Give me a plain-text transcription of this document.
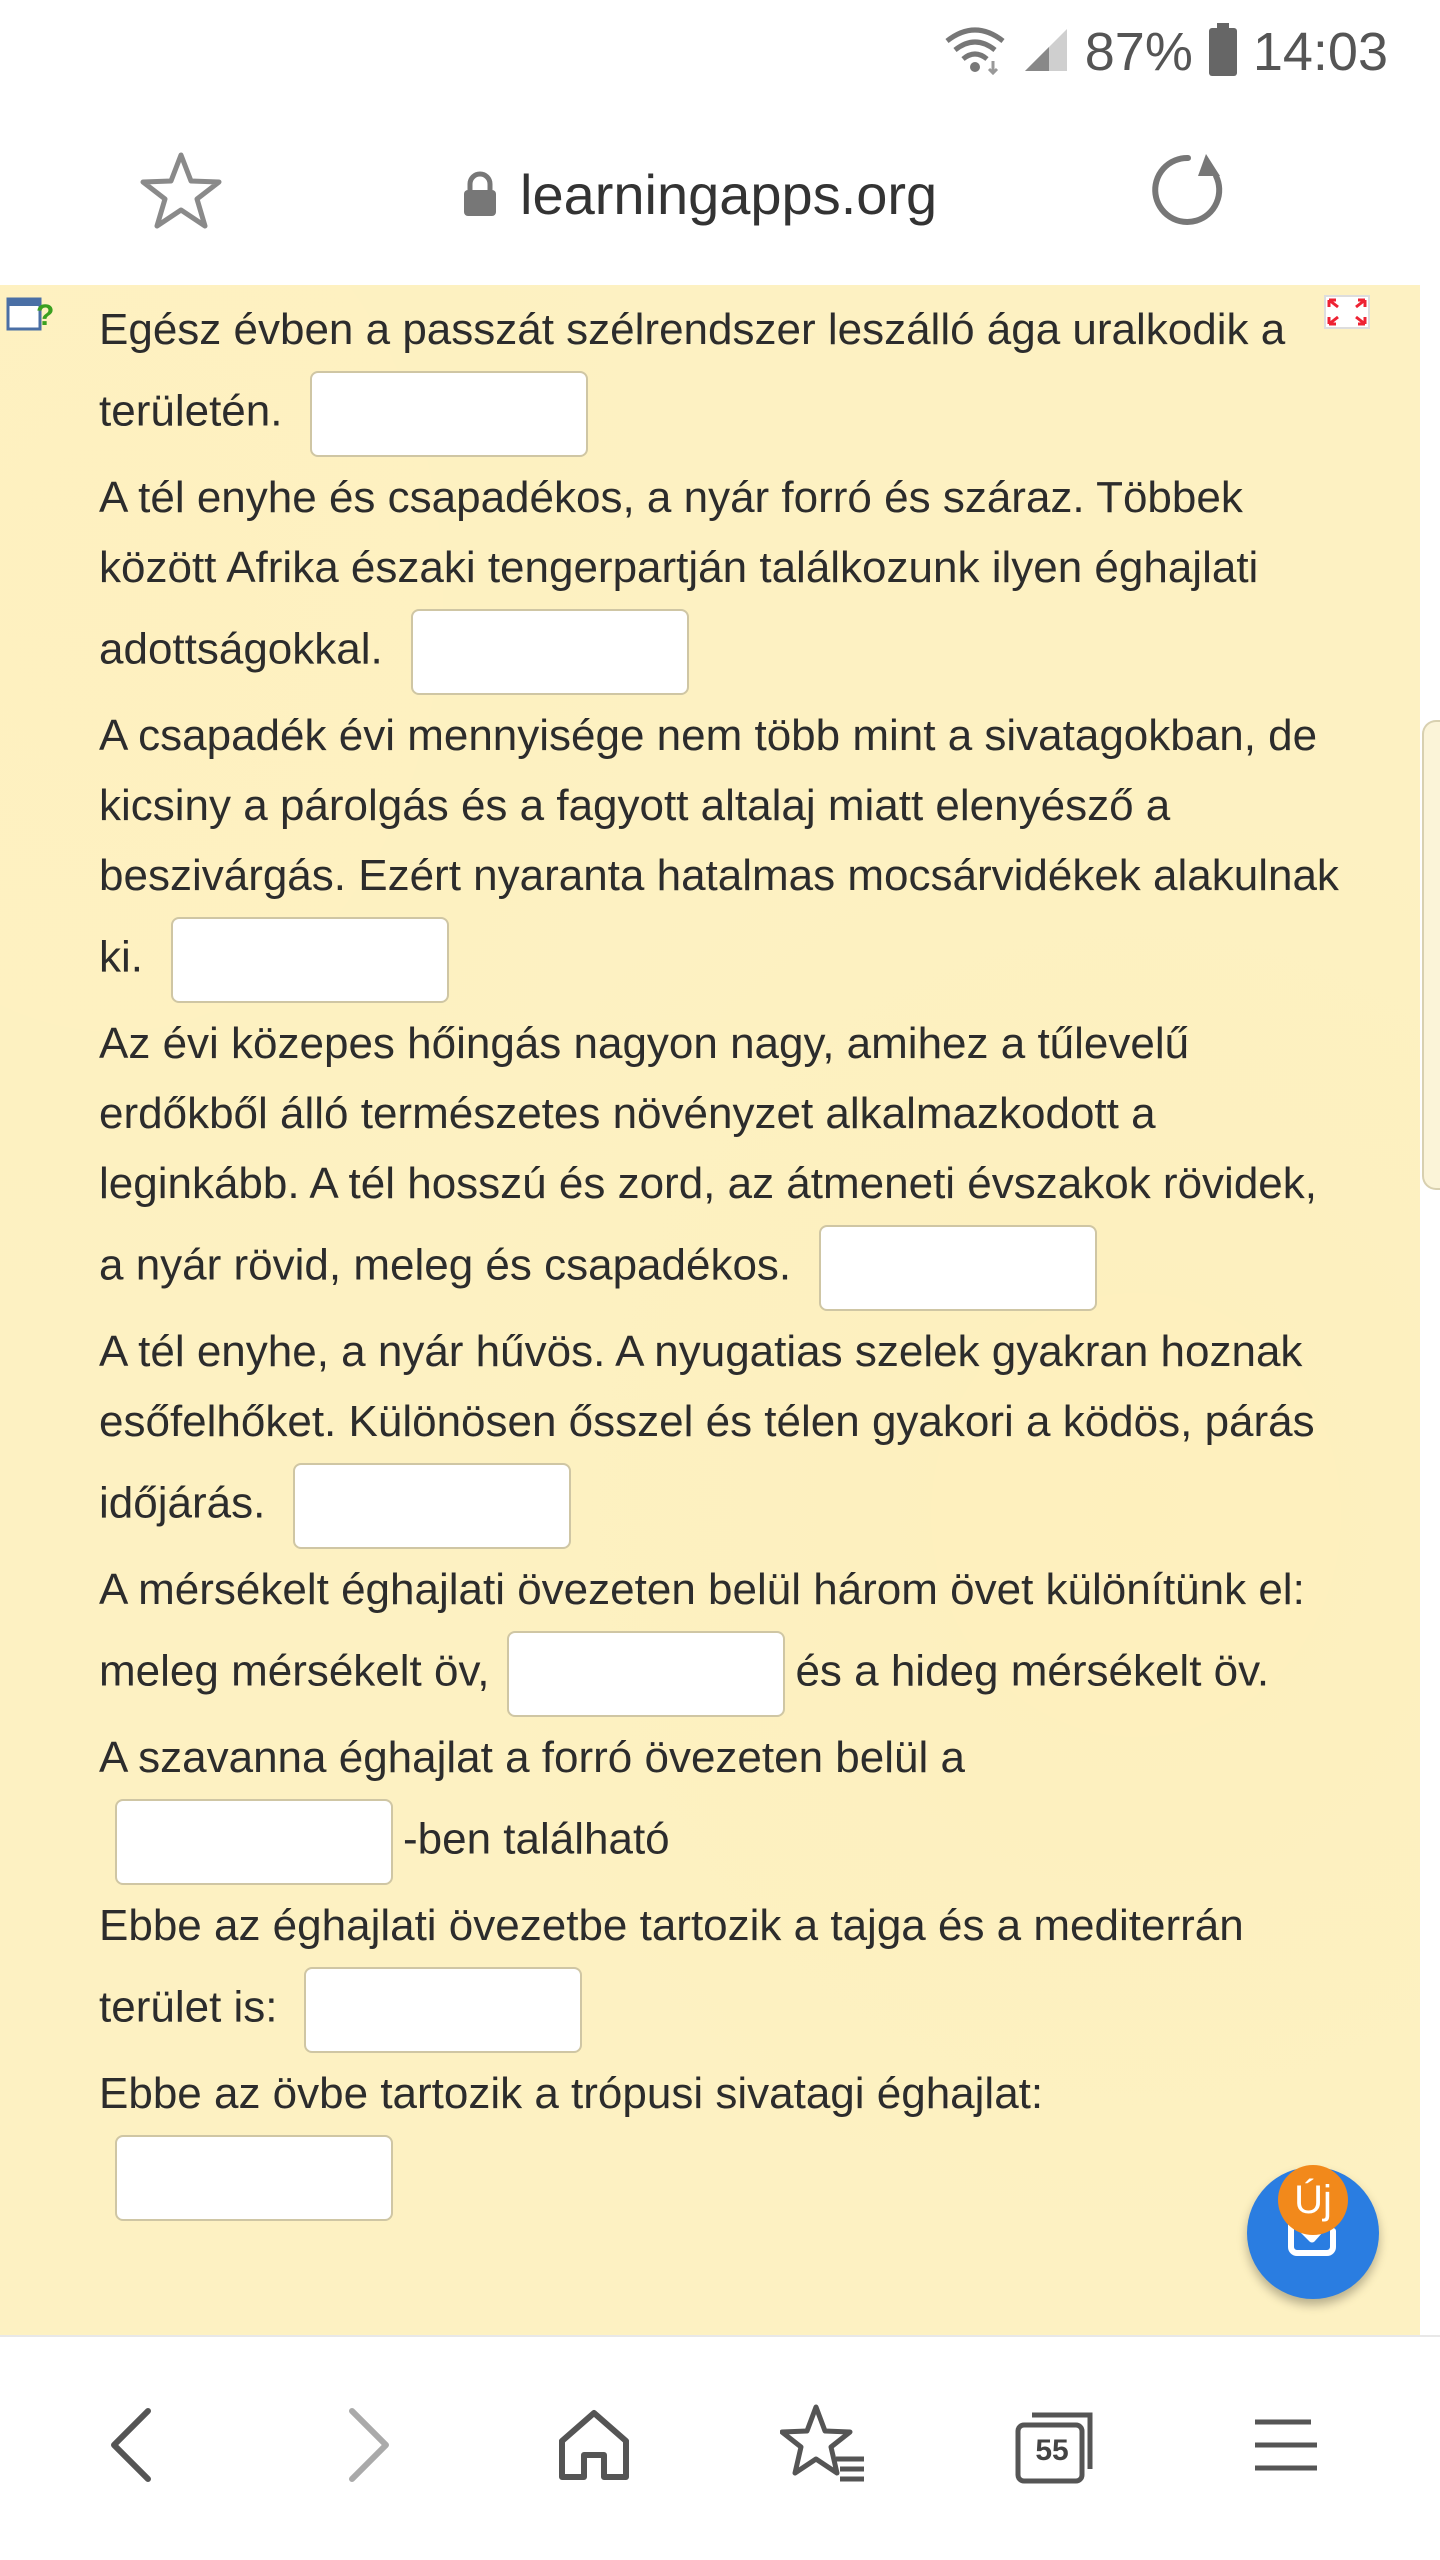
87% 14:03
learningapps.org
? Egész évben a passzát szélrendszer leszálló ága uralkodik a területén.

A tél enyhe és csapadékos, a nyár forró és száraz. Többek között Afrika északi tengerpartján találkozunk ilyen éghajlati adottságokkal.

A csapadék évi mennyisége nem több mint a sivatagokban, de kicsiny a párolgás és a fagyott altalaj miatt elenyésző a beszivárgás. Ezért nyaranta hatalmas mocsárvidékek alakulnak ki.

Az évi közepes hőingás nagyon nagy, amihez a tűlevelű erdőkből álló természetes növényzet alkalmazkodott a leginkább. A tél hosszú és zord, az átmeneti évszakok rövidek, a nyár rövid, meleg és csapadékos.

A tél enyhe, a nyár hűvös. A nyugatias szelek gyakran hoznak esőfelhőket. Különösen ősszel és télen gyakori a ködös, párás időjárás.

A mérsékelt éghajlati övezeten belül három övet különítünk el: meleg mérsékelt öv,	és a hideg mérsékelt öv.

A szavanna éghajlat a forró övezeten belül a
-ben található

Ebbe az éghajlati övezetbe tartozik a tajga és a mediterrán terület is:

Ebbe az övbe tartozik a trópusi sivatagi éghajlat:

55
Új
